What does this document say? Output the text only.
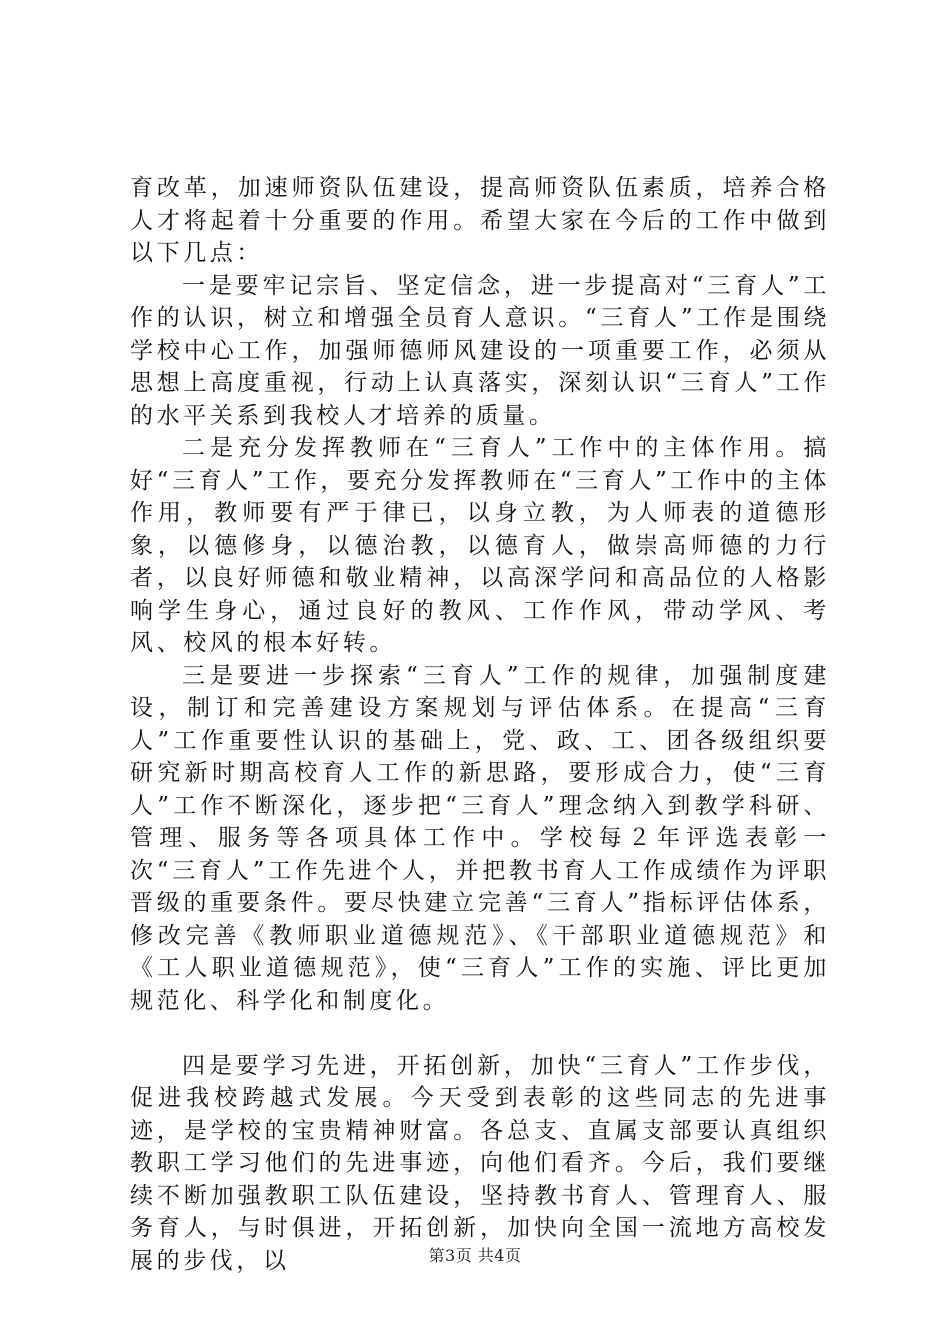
育改革，加速师资队伍建设，提高师资队伍素质，培养合格人才将起着十分重要的作用。希望大家在今后的工作中做到以下几点：

一是要牢记宗旨、坚定信念，进一步提高对“三育人”工作的认识，树立和增强全员育人意识。“三育人”工作是围绕学校中心工作，加强师德师风建设的一项重要工作，必须从思想上高度重视，行动上认真落实，深刻认识“三育人”工作的水平关系到我校人才培养的质量。

二是充分发挥教师在“三育人”工作中的主体作用。搞好“三育人”工作，要充分发挥教师在“三育人”工作中的主体作用，教师要有严于律已，以身立教，为人师表的道德形象，以德修身，以德治教，以德育人，做崇高师德的力行者，以良好师德和敬业精神，以高深学问和高品位的人格影响学生身心，通过良好的教风、工作作风，带动学风、考风、校风的根本好转。

三是要进一步探索“三育人”工作的规律，加强制度建设，制订和完善建设方案规划与评估体系。在提高“三育人”工作重要性认识的基础上，党、政、工、团各级组织要研究新时期高校育人工作的新思路，要形成合力，使“三育人”工作不断深化，逐步把“三育人”理念纳入到教学科研、管理、服务等各项具体工作中。学校每２年评选表彰一次“三育人”工作先进个人，并把教书育人工作成绩作为评职晋级的重要条件。要尽快建立完善“三育人”指标评估体系，修改完善《教师职业道德规范》、《干部职业道德规范》和《工人职业道德规范》，使“三育人”工作的实施、评比更加规范化、科学化和制度化。

四是要学习先进，开拓创新，加快“三育人”工作步伐，促进我校跨越式发展。今天受到表彰的这些同志的先进事迹，是学校的宝贵精神财富。各总支、直属支部要认真组织教职工学习他们的先进事迹，向他们看齐。今后，我们要继续不断加强教职工队伍建设，坚持教书育人、管理育人、服务育人，与时俱进，开拓创新，加快向全国一流地方高校发展的步伐，以	第3页 共4页
